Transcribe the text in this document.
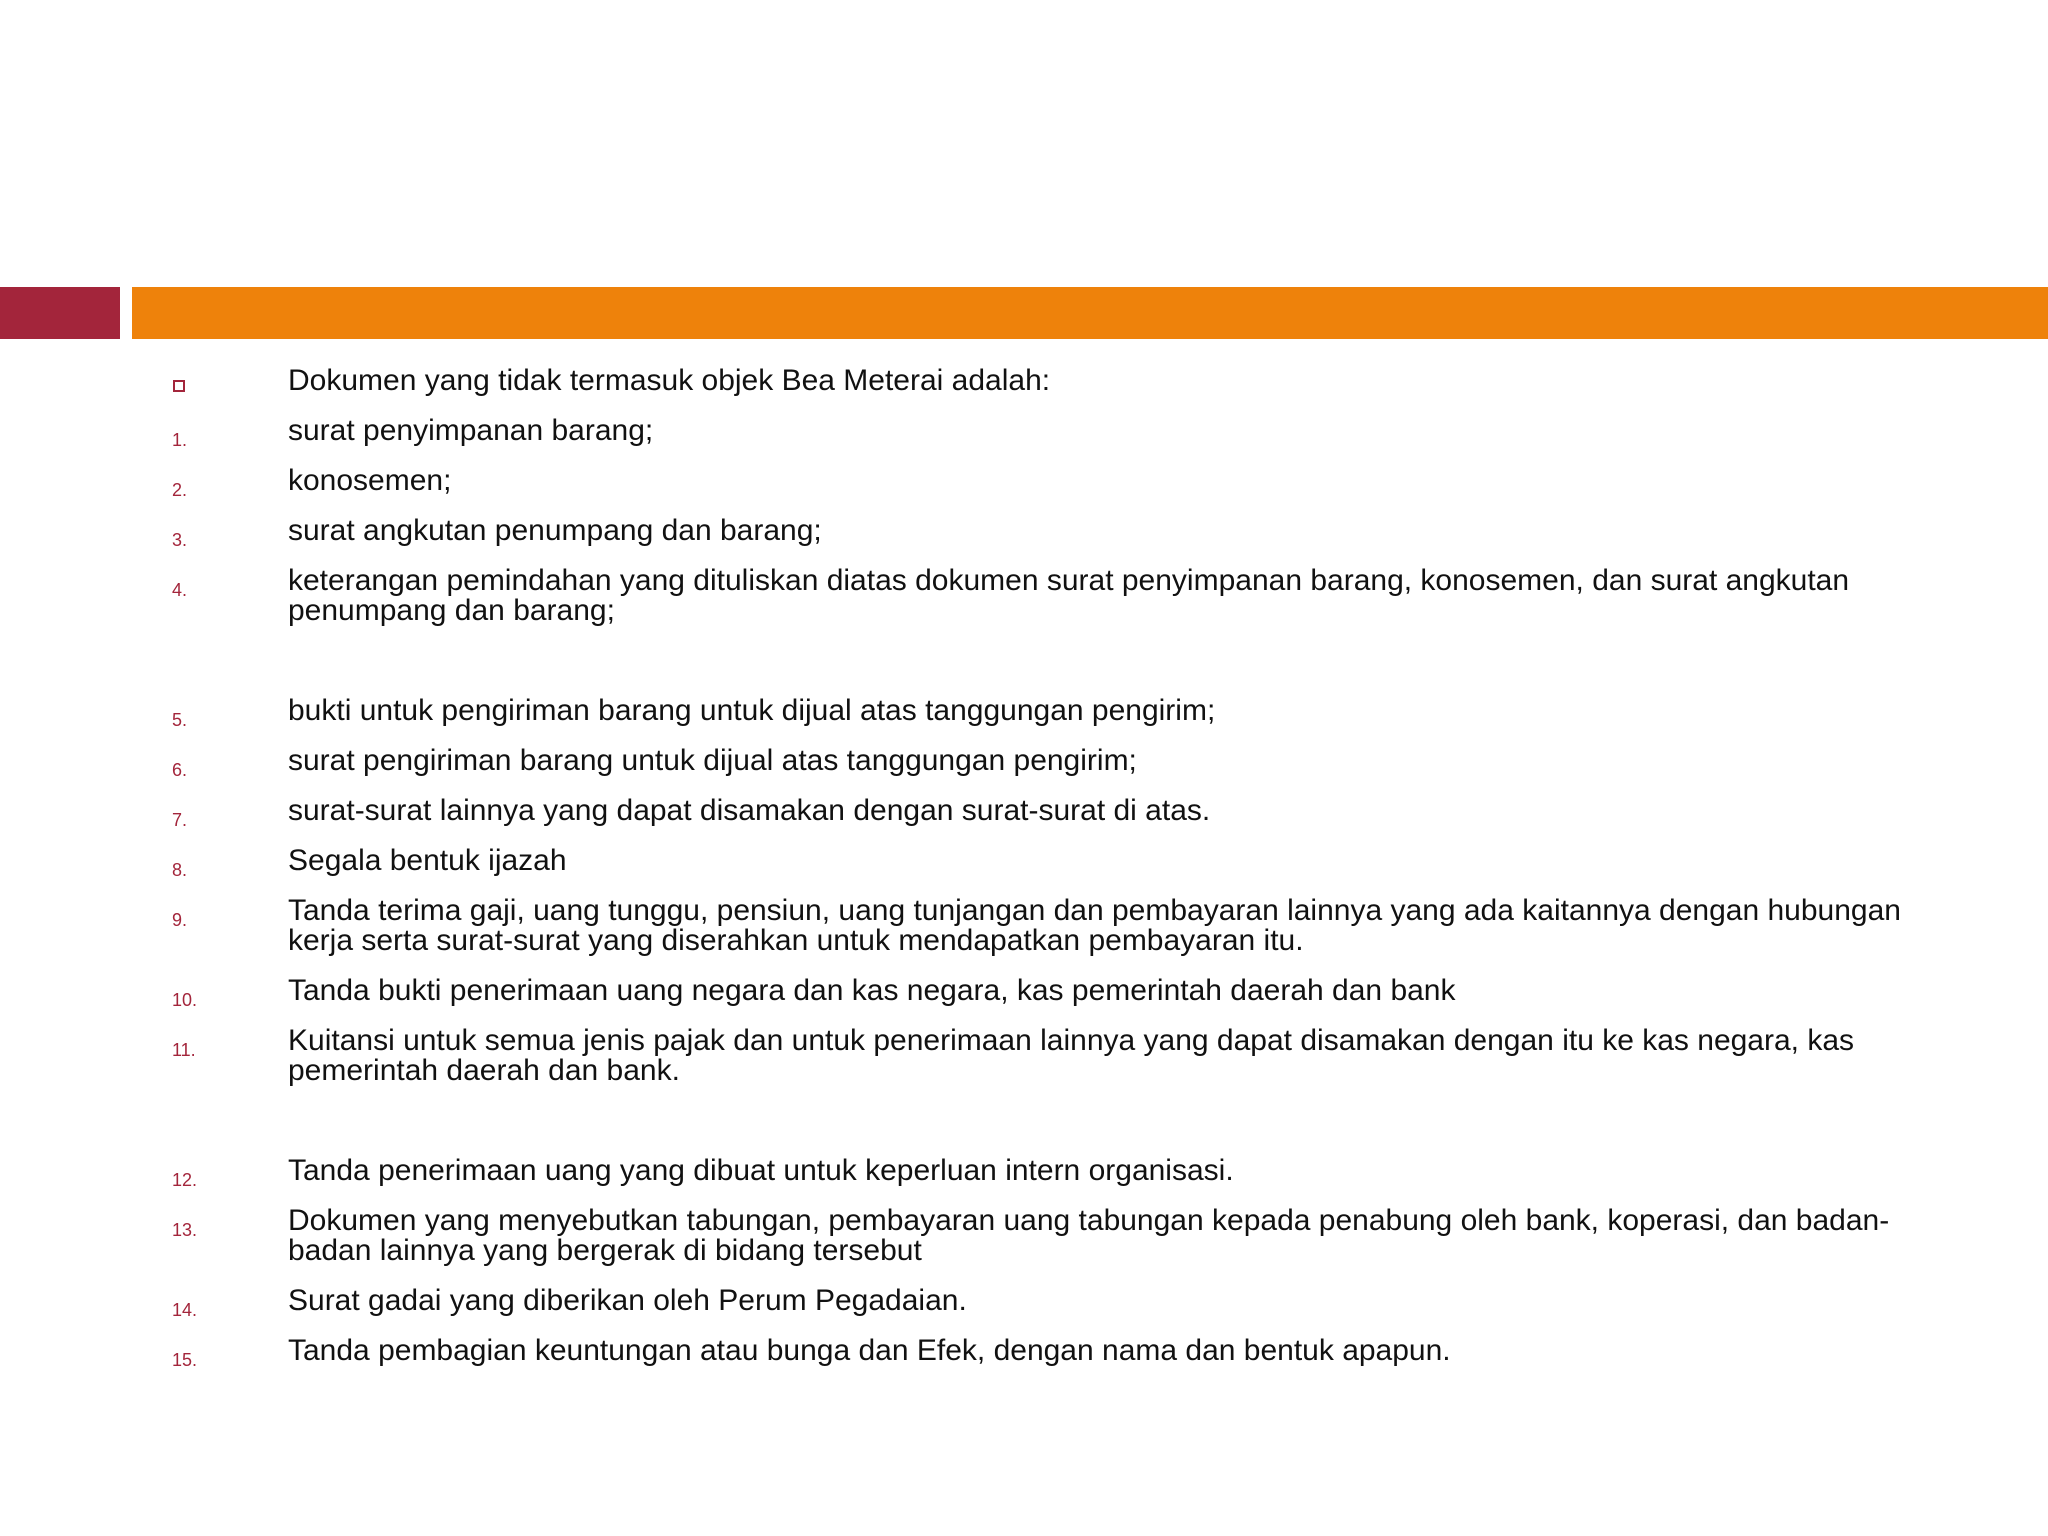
Dokumen yang tidak termasuk objek Bea Meterai adalah:
1.	surat penyimpanan barang;
2.	konosemen;
3.	surat angkutan penumpang dan barang;
4.	keterangan pemindahan yang dituliskan diatas dokumen surat penyimpanan barang, konosemen, dan surat angkutan penumpang dan barang;
5.	bukti untuk pengiriman barang untuk dijual atas tanggungan pengirim;
6.	surat pengiriman barang untuk dijual atas tanggungan pengirim;
7.	surat-surat lainnya yang dapat disamakan dengan surat-surat di atas.
8.	Segala bentuk ijazah
9.	Tanda terima gaji, uang tunggu, pensiun, uang tunjangan dan pembayaran lainnya yang ada kaitannya dengan hubungan kerja serta surat-surat yang diserahkan untuk mendapatkan pembayaran itu.
10.	Tanda bukti penerimaan uang negara dan kas negara, kas pemerintah daerah dan bank
11.	Kuitansi untuk semua jenis pajak dan untuk penerimaan lainnya yang dapat disamakan dengan itu ke kas negara, kas pemerintah daerah dan bank.
12.	Tanda penerimaan uang yang dibuat untuk keperluan intern organisasi.
13.	Dokumen yang menyebutkan tabungan, pembayaran uang tabungan kepada penabung oleh bank, koperasi, dan badan-badan lainnya yang bergerak di bidang tersebut
14.	Surat gadai yang diberikan oleh Perum Pegadaian.
15.	Tanda pembagian keuntungan atau bunga dan Efek, dengan nama dan bentuk apapun.
